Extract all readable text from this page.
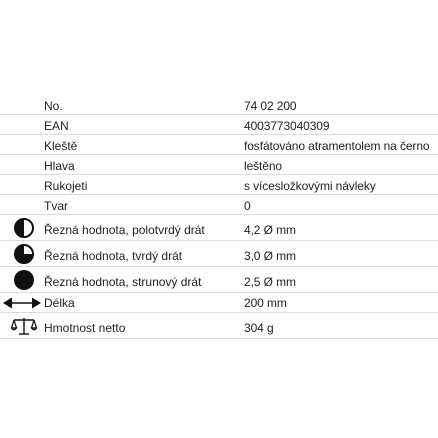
No.	74 02 200
EAN	4003773040309
Kleště	fosfátováno atramentolem na černo
Hlava	leštěno
Rukojeti	s vícesložkovými návleky
Tvar	0
Řezná hodnota, polotvrdý drát	4,2 Ø mm
Řezná hodnota, tvrdý drát	3,0 Ø mm
Řezná hodnota, strunový drát	2,5 Ø mm
Délka	200 mm
Hmotnost netto	304 g
